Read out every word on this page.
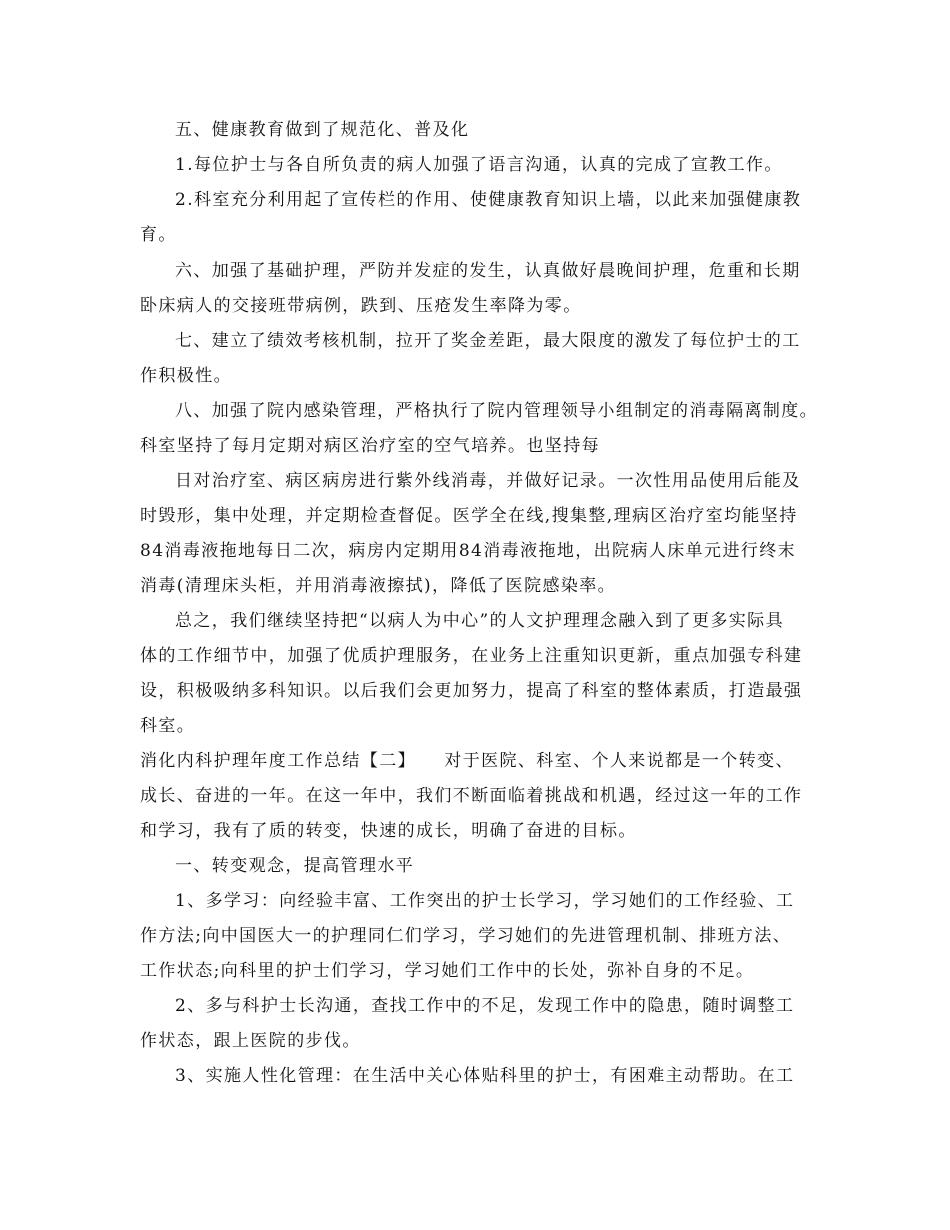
五、健康教育做到了规范化、普及化
1.每位护士与各自所负责的病人加强了语言沟通，认真的完成了宣教工作。
2.科室充分利用起了宣传栏的作用、使健康教育知识上墙，以此来加强健康教
育。
六、加强了基础护理，严防并发症的发生，认真做好晨晚间护理，危重和长期
卧床病人的交接班带病例，跌到、压疮发生率降为零。
七、建立了绩效考核机制，拉开了奖金差距，最大限度的激发了每位护士的工
作积极性。
八、加强了院内感染管理，严格执行了院内管理领导小组制定的消毒隔离制度。
科室坚持了每月定期对病区治疗室的空气培养。也坚持每
日对治疗室、病区病房进行紫外线消毒，并做好记录。一次性用品使用后能及
时毁形，集中处理，并定期检查督促。医学全在线,搜集整,理病区治疗室均能坚持
84消毒液拖地每日二次，病房内定期用84消毒液拖地，出院病人床单元进行终末
消毒(清理床头柜，并用消毒液擦拭)，降低了医院感染率。
总之，我们继续坚持把“以病人为中心”的人文护理理念融入到了更多实际具
体的工作细节中，加强了优质护理服务，在业务上注重知识更新，重点加强专科建
设，积极吸纳多科知识。以后我们会更加努力，提高了科室的整体素质，打造最强
科室。
消化内科护理年度工作总结【二】　　对于医院、科室、个人来说都是一个转变、
成长、奋进的一年。在这一年中，我们不断面临着挑战和机遇，经过这一年的工作
和学习，我有了质的转变，快速的成长，明确了奋进的目标。
一、转变观念，提高管理水平
1、多学习：向经验丰富、工作突出的护士长学习，学习她们的工作经验、工
作方法;向中国医大一的护理同仁们学习，学习她们的先进管理机制、排班方法、
工作状态;向科里的护士们学习，学习她们工作中的长处，弥补自身的不足。
2、多与科护士长沟通，查找工作中的不足，发现工作中的隐患，随时调整工
作状态，跟上医院的步伐。
3、实施人性化管理：在生活中关心体贴科里的护士，有困难主动帮助。在工
